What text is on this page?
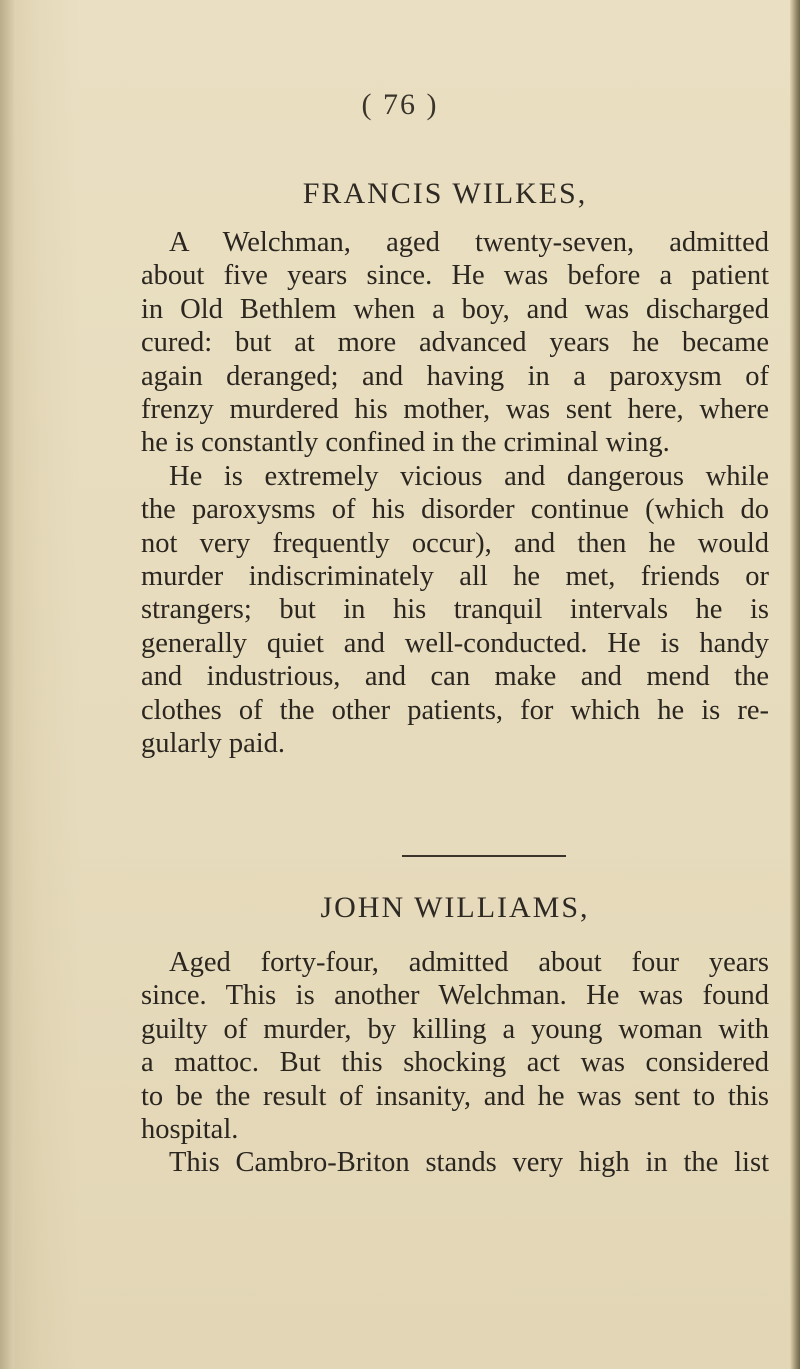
( 76 )
FRANCIS WILKES,
A Welchman, aged twenty-seven, admitted
about five years since. He was before a patient
in Old Bethlem when a boy, and was discharged
cured: but at more advanced years he became
again deranged; and having in a paroxysm of
frenzy murdered his mother, was sent here, where
he is constantly confined in the criminal wing.
He is extremely vicious and dangerous while
the paroxysms of his disorder continue (which do
not very frequently occur), and then he would
murder indiscriminately all he met, friends or
strangers; but in his tranquil intervals he is
generally quiet and well-conducted. He is handy
and industrious, and can make and mend the
clothes of the other patients, for which he is re-
gularly paid.
JOHN WILLIAMS,
Aged forty-four, admitted about four years
since. This is another Welchman. He was found
guilty of murder, by killing a young woman with
a mattoc. But this shocking act was considered
to be the result of insanity, and he was sent to this
hospital.
This Cambro-Briton stands very high in the list
